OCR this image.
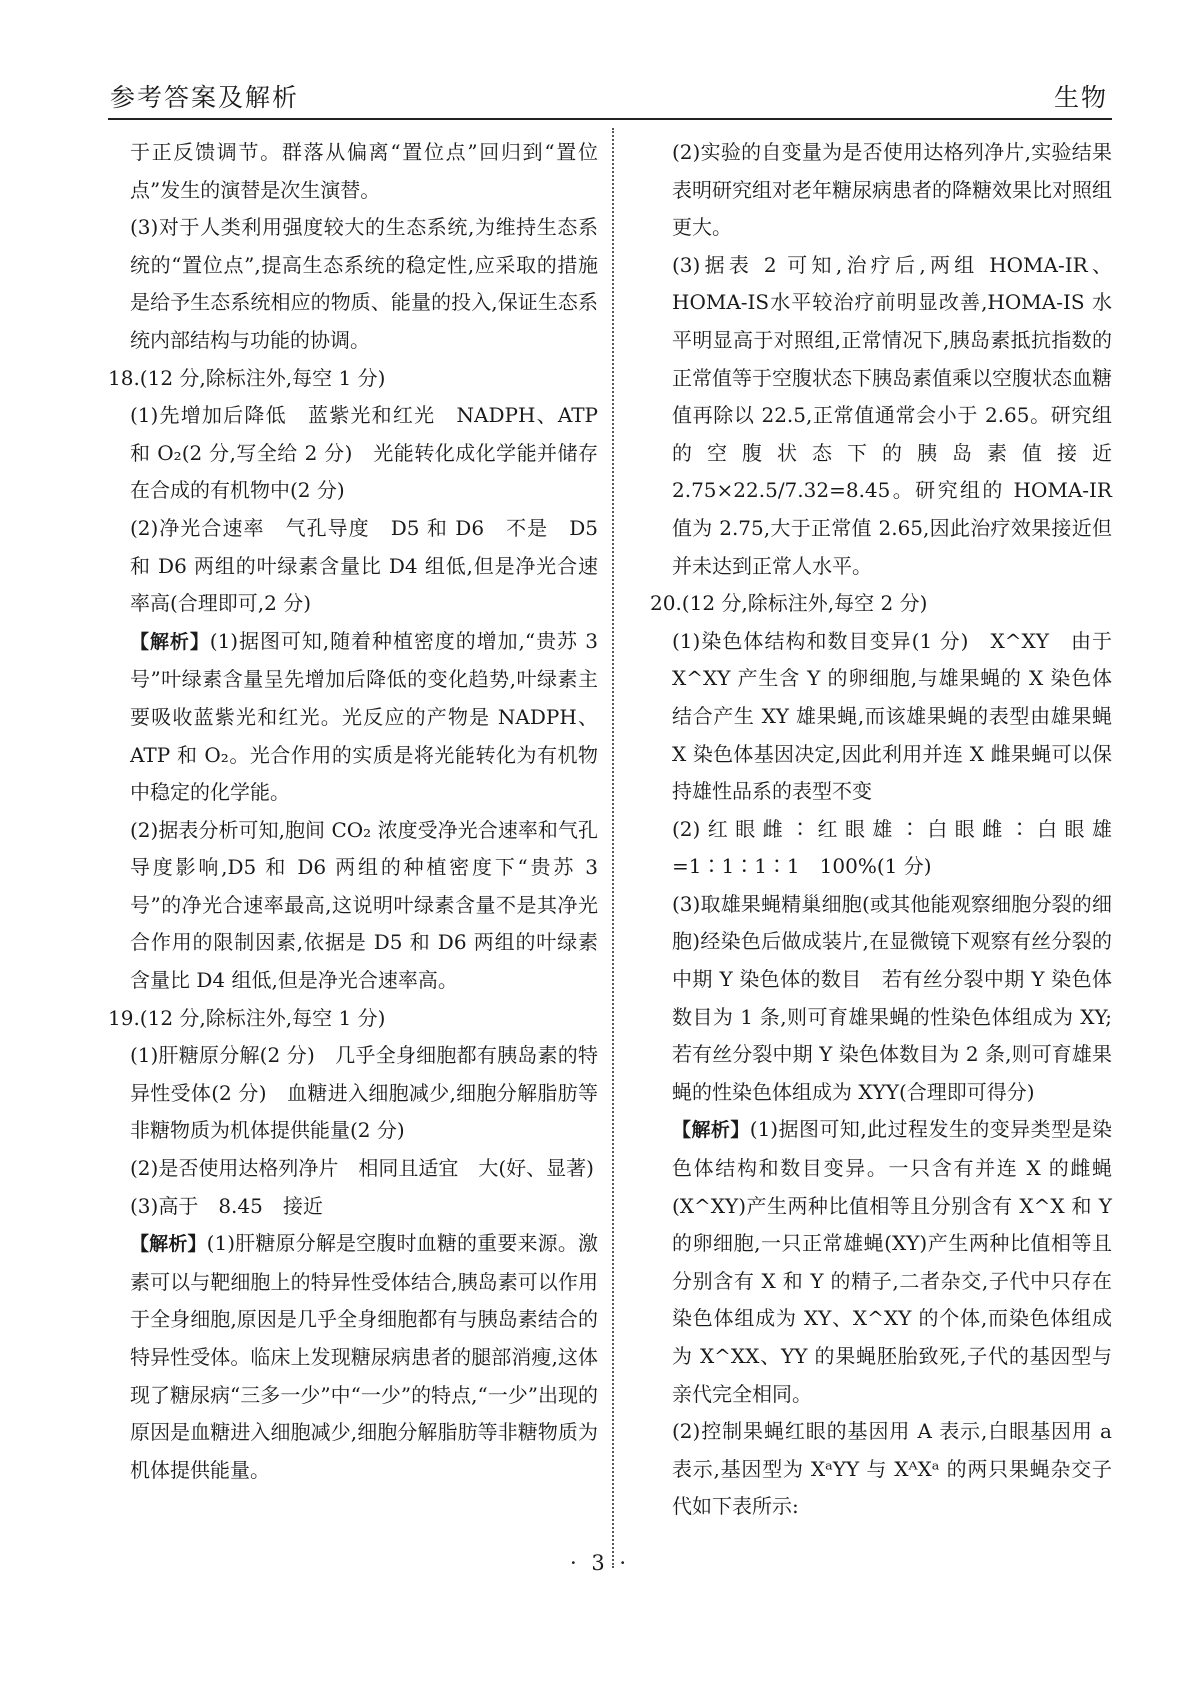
参考答案及解析	生物

于正反馈调节。群落从偏离“置位点”回归到“置位点”发生的演替是次生演替。

(3)对于人类利用强度较大的生态系统,为维持生态系统的“置位点”,提高生态系统的稳定性,应采取的措施是给予生态系统相应的物质、能量的投入,保证生态系统内部结构与功能的协调。

18.(12 分,除标注外,每空 1 分)

(1)先增加后降低　蓝紫光和红光　NADPH、ATP 和 O₂(2 分,写全给 2 分)　光能转化成化学能并储存在合成的有机物中(2 分)

(2)净光合速率　气孔导度　D5 和 D6　不是　D5 和 D6 两组的叶绿素含量比 D4 组低,但是净光合速率高(合理即可,2 分)

【解析】(1)据图可知,随着种植密度的增加,“贵苏 3 号”叶绿素含量呈先增加后降低的变化趋势,叶绿素主要吸收蓝紫光和红光。光反应的产物是 NADPH、ATP 和 O₂。光合作用的实质是将光能转化为有机物中稳定的化学能。

(2)据表分析可知,胞间 CO₂ 浓度受净光合速率和气孔导度影响,D5 和 D6 两组的种植密度下“贵苏 3 号”的净光合速率最高,这说明叶绿素含量不是其净光合作用的限制因素,依据是 D5 和 D6 两组的叶绿素含量比 D4 组低,但是净光合速率高。

19.(12 分,除标注外,每空 1 分)

(1)肝糖原分解(2 分)　几乎全身细胞都有胰岛素的特异性受体(2 分)　血糖进入细胞减少,细胞分解脂肪等非糖物质为机体提供能量(2 分)

(2)是否使用达格列净片　相同且适宜　大(好、显著)

(3)高于　8.45　接近

【解析】(1)肝糖原分解是空腹时血糖的重要来源。激素可以与靶细胞上的特异性受体结合,胰岛素可以作用于全身细胞,原因是几乎全身细胞都有与胰岛素结合的特异性受体。临床上发现糖尿病患者的腿部消瘦,这体现了糖尿病“三多一少”中“一少”的特点,“一少”出现的原因是血糖进入细胞减少,细胞分解脂肪等非糖物质为机体提供能量。

(2)实验的自变量为是否使用达格列净片,实验结果表明研究组对老年糖尿病患者的降糖效果比对照组更大。

(3)据表 2 可知,治疗后,两组 HOMA-IR、HOMA-IS水平较治疗前明显改善,HOMA-IS 水平明显高于对照组,正常情况下,胰岛素抵抗指数的正常值等于空腹状态下胰岛素值乘以空腹状态血糖值再除以 22.5,正常值通常会小于 2.65。研究组的空腹状态下的胰岛素值接近 2.75×22.5/7.32=8.45。研究组的 HOMA-IR 值为 2.75,大于正常值 2.65,因此治疗效果接近但并未达到正常人水平。

20.(12 分,除标注外,每空 2 分)

(1)染色体结构和数目变异(1 分)　X^XY　由于 X^XY 产生含 Y 的卵细胞,与雄果蝇的 X 染色体结合产生 XY 雄果蝇,而该雄果蝇的表型由雄果蝇 X 染色体基因决定,因此利用并连 X 雌果蝇可以保持雄性品系的表型不变

(2)红眼雌∶红眼雄∶白眼雌∶白眼雄=1∶1∶1∶1　100%(1 分)

(3)取雄果蝇精巢细胞(或其他能观察细胞分裂的细胞)经染色后做成装片,在显微镜下观察有丝分裂的中期 Y 染色体的数目　若有丝分裂中期 Y 染色体数目为 1 条,则可育雄果蝇的性染色体组成为 XY;若有丝分裂中期 Y 染色体数目为 2 条,则可育雄果蝇的性染色体组成为 XYY(合理即可得分)

【解析】(1)据图可知,此过程发生的变异类型是染色体结构和数目变异。一只含有并连 X 的雌蝇(X^XY)产生两种比值相等且分别含有 X^X 和 Y 的卵细胞,一只正常雄蝇(XY)产生两种比值相等且分别含有 X 和 Y 的精子,二者杂交,子代中只存在染色体组成为 XY、X^XY 的个体,而染色体组成为 X^XX、YY 的果蝇胚胎致死,子代的基因型与亲代完全相同。

(2)控制果蝇红眼的基因用 A 表示,白眼基因用 a 表示,基因型为 XᵃYY 与 XᴬXᵃ 的两只果蝇杂交子代如下表所示:

· 3 ·
